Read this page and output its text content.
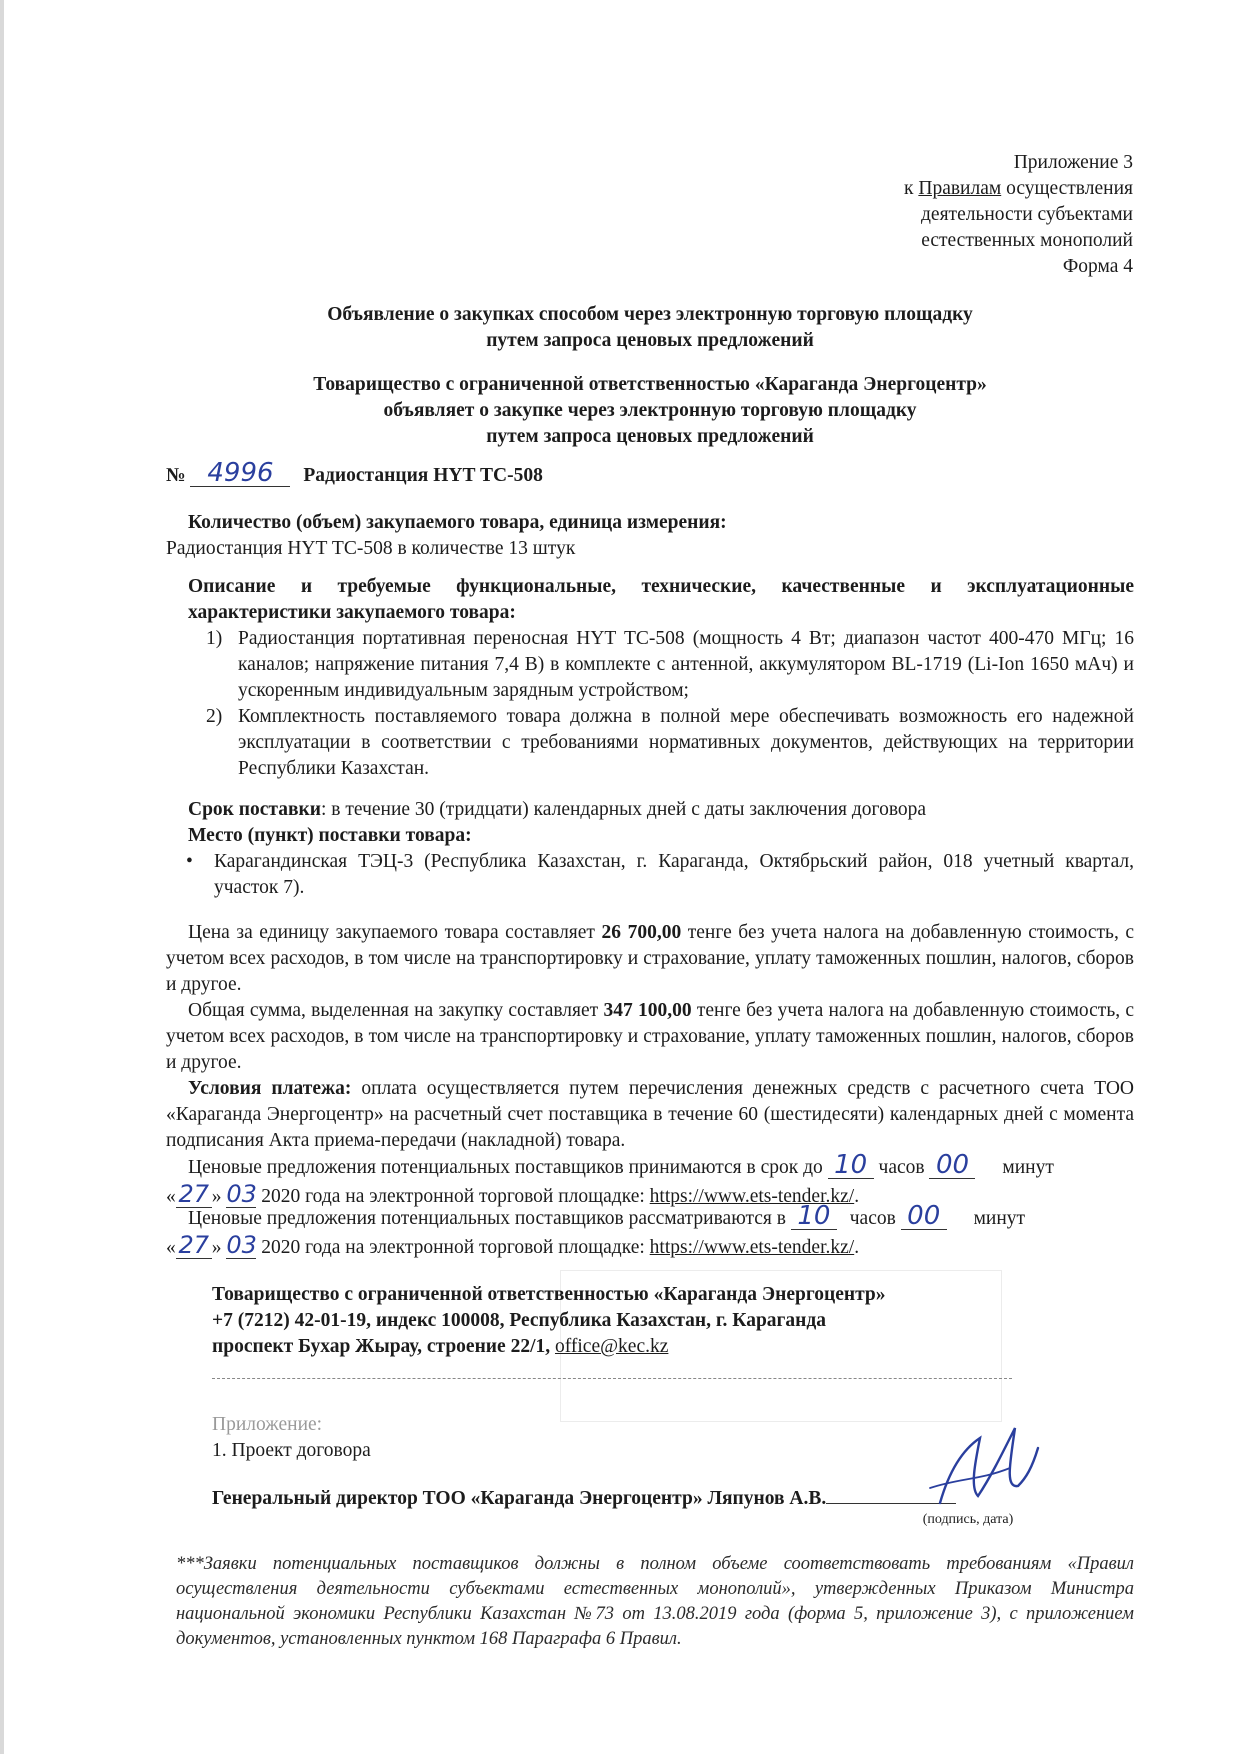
Приложение 3
к Правилам осуществления
деятельности субъектами
естественных монополий
Форма 4
Объявление о закупках способом через электронную торговую площадку
путем запроса ценовых предложений
Товарищество с ограниченной ответственностью «Караганда Энергоцентр»
объявляет о закупке через электронную торговую площадку
путем запроса ценовых предложений
№ 4996 Радиостанция HYT ТС-508
Количество (объем) закупаемого товара, единица измерения:
Радиостанция HYT ТС-508 в количестве 13 штук
Описание и требуемые функциональные, технические, качественные и эксплуатационные характеристики закупаемого товара:
1) Радиостанция портативная переносная HYT ТС-508 (мощность 4 Вт; диапазон частот 400-470 МГц; 16 каналов; напряжение питания 7,4 В) в комплекте с антенной, аккумулятором BL-1719 (Li-Ion 1650 мАч) и ускоренным индивидуальным зарядным устройством;
2) Комплектность поставляемого товара должна в полной мере обеспечивать возможность его надежной эксплуатации в соответствии с требованиями нормативных документов, действующих на территории Республики Казахстан.
Срок поставки: в течение 30 (тридцати) календарных дней с даты заключения договора
Место (пункт) поставки товара:
• Карагандинская ТЭЦ-3 (Республика Казахстан, г. Караганда, Октябрьский район, 018 учетный квартал, участок 7).
Цена за единицу закупаемого товара составляет 26 700,00 тенге без учета налога на добавленную стоимость, с учетом всех расходов, в том числе на транспортировку и страхование, уплату таможенных пошлин, налогов, сборов и другое.
Общая сумма, выделенная на закупку составляет 347 100,00 тенге без учета налога на добавленную стоимость, с учетом всех расходов, в том числе на транспортировку и страхование, уплату таможенных пошлин, налогов, сборов и другое.
Условия платежа: оплата осуществляется путем перечисления денежных средств с расчетного счета ТОО «Караганда Энергоцентр» на расчетный счет поставщика в течение 60 (шестидесяти) календарных дней с момента подписания Акта приема-передачи (накладной) товара.
Ценовые предложения потенциальных поставщиков принимаются в срок до 10 часов 00 минут
« 27 » 03 2020 года на электронной торговой площадке: https://www.ets-tender.kz/.
Ценовые предложения потенциальных поставщиков рассматриваются в 10 часов 00 минут
« 27 » 03 2020 года на электронной торговой площадке: https://www.ets-tender.kz/.
Товарищество с ограниченной ответственностью «Караганда Энергоцентр»
+7 (7212) 42-01-19, индекс 100008, Республика Казахстан, г. Караганда
проспект Бухар Жырау, строение 22/1, office@kec.kz
Приложение:
1. Проект договора
Генеральный директор ТОО «Караганда Энергоцентр» Ляпунов А.В.
(подпись, дата)
***Заявки потенциальных поставщиков должны в полном объеме соответствовать требованиям «Правил осуществления деятельности субъектами естественных монополий», утвержденных Приказом Министра национальной экономики Республики Казахстан №73 от 13.08.2019 года (форма 5, приложение 3), с приложением документов, установленных пунктом 168 Параграфа 6 Правил.
